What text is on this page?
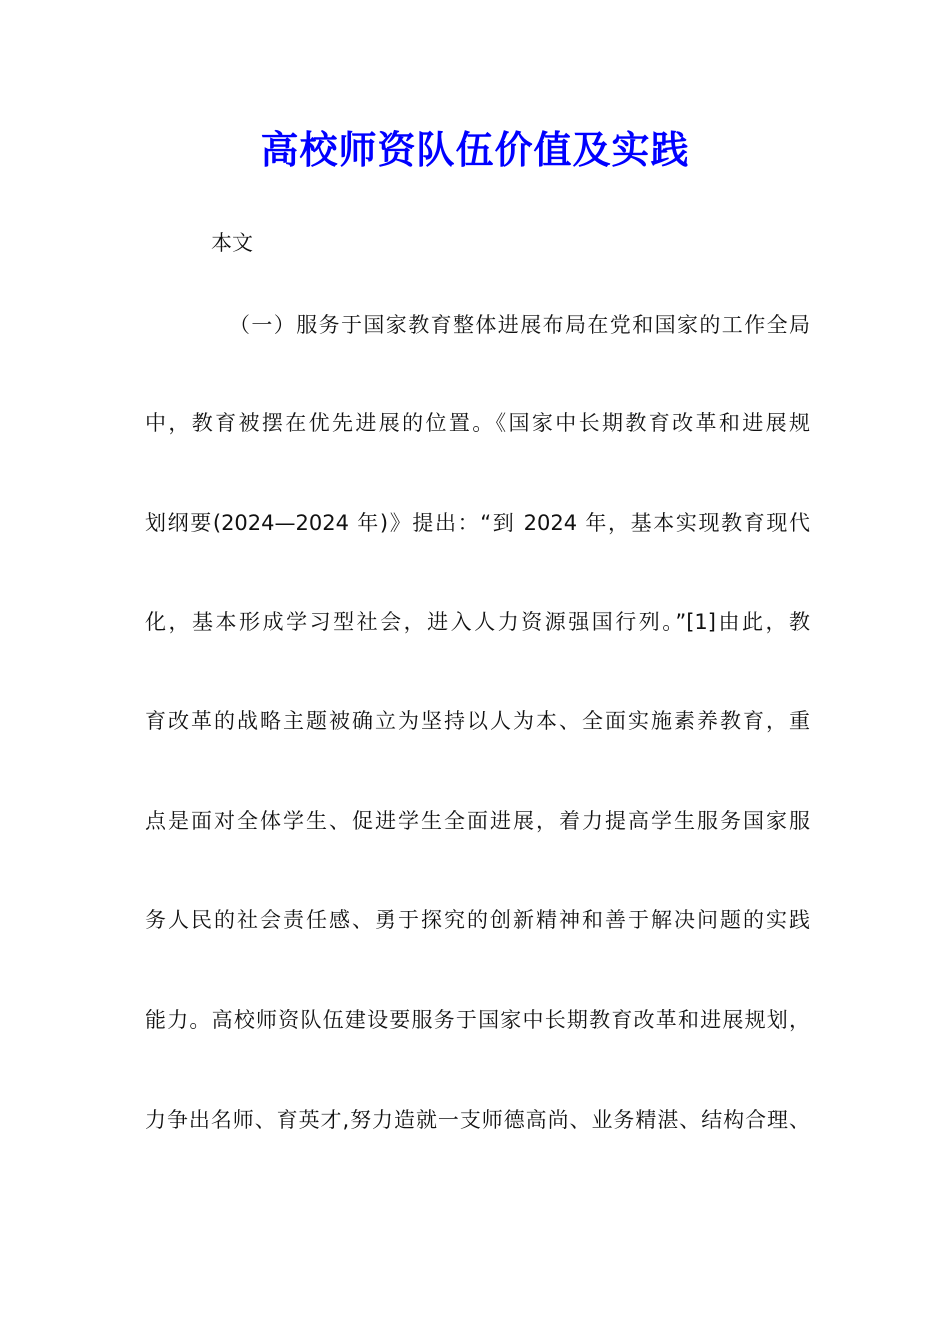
高校师资队伍价值及实践
本文
（一）服务于国家教育整体进展布局在党和国家的工作全局
中，教育被摆在优先进展的位置。《国家中长期教育改革和进展规
划纲要(2024—2024 年)》提出：“到 2024 年，基本实现教育现代
化，基本形成学习型社会，进入人力资源强国行列。”[1]由此，教
育改革的战略主题被确立为坚持以人为本、全面实施素养教育，重
点是面对全体学生、促进学生全面进展，着力提高学生服务国家服
务人民的社会责任感、勇于探究的创新精神和善于解决问题的实践
能力。高校师资队伍建设要服务于国家中长期教育改革和进展规划，
力争出名师、育英才,努力造就一支师德高尚、业务精湛、结构合理、
